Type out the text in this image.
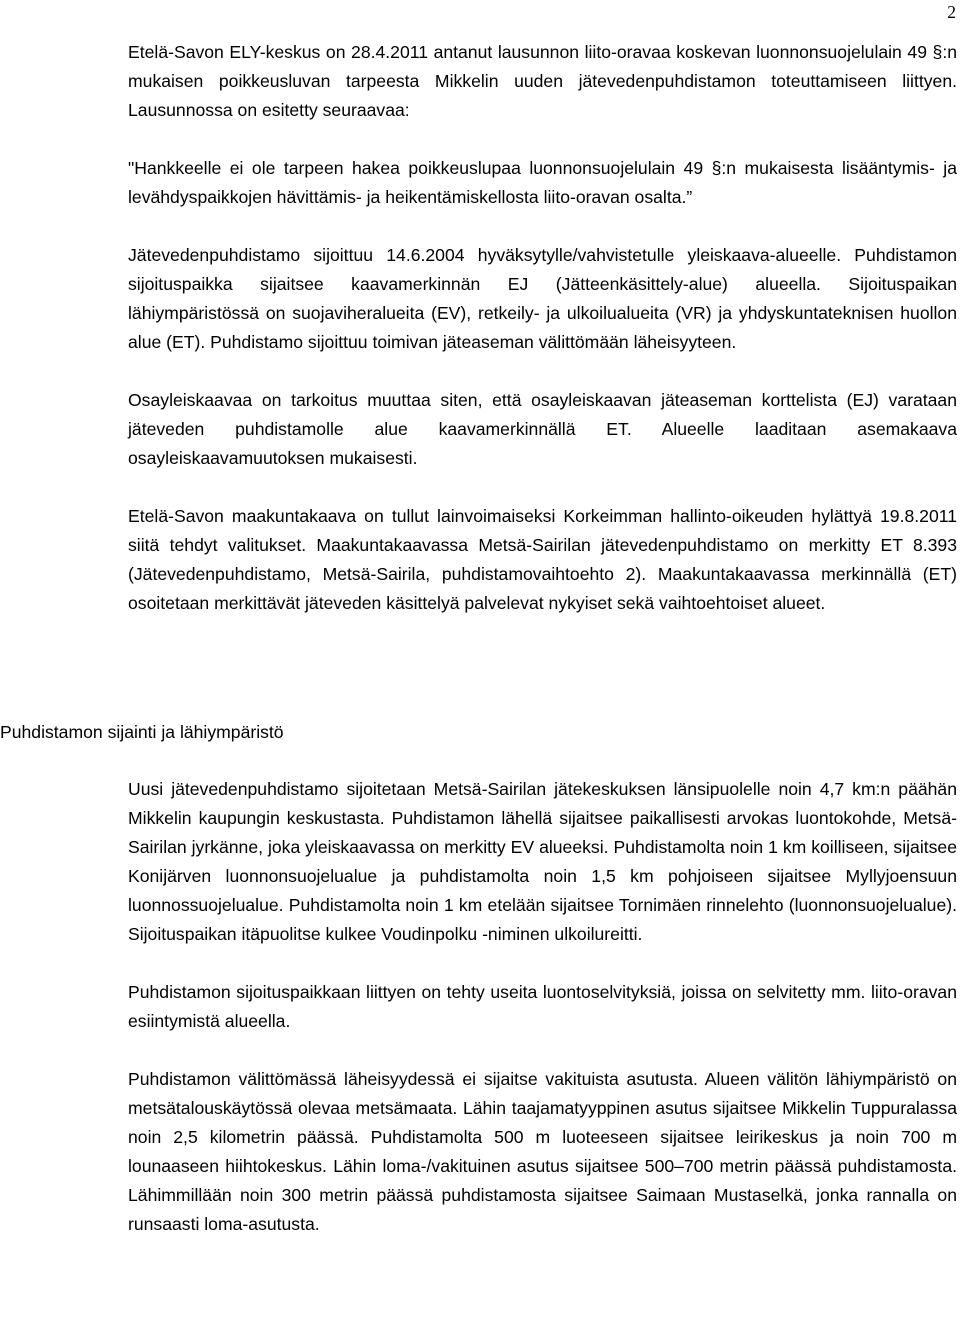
2

Etelä-Savon ELY-keskus on 28.4.2011 antanut lausunnon liito-oravaa koskevan luonnonsuojelulain 49 §:n mukaisen poikkeusluvan tarpeesta Mikkelin uuden jätevedenpuhdistamon toteuttamiseen liittyen. Lausunnossa on esitetty seuraavaa:

"Hankkeelle ei ole tarpeen hakea poikkeuslupaa luonnonsuojelulain 49 §:n mukaisesta lisääntymis- ja levähdyspaikkojen hävittämis- ja heikentämiskellosta liito-oravan osalta.”

Jätevedenpuhdistamo sijoittuu 14.6.2004 hyväksytylle/vahvistetulle yleiskaava-alueelle. Puhdistamon sijoituspaikka sijaitsee kaavamerkinnän EJ (Jätteenkäsittely-alue) alueella. Sijoituspaikan lähiympäristössä on suojaviheralueita (EV), retkeily- ja ulkoilualueita (VR) ja yhdyskuntateknisen huollon alue (ET). Puhdistamo sijoittuu toimivan jäteaseman välittömään läheisyyteen.

Osayleiskaavaa on tarkoitus muuttaa siten, että osayleiskaavan jäteaseman korttelista (EJ) varataan jäteveden puhdistamolle alue kaavamerkinnällä ET. Alueelle laaditaan asemakaava osayleiskaavamuutoksen mukaisesti.

Etelä-Savon maakuntakaava on tullut lainvoimaiseksi Korkeimman hallinto-oikeuden hylättyä 19.8.2011 siitä tehdyt valitukset. Maakuntakaavassa Metsä-Sairilan jätevedenpuhdistamo on merkitty ET 8.393 (Jätevedenpuhdistamo, Metsä-Sairila, puhdistamovaihtoehto 2). Maakuntakaavassa merkinnällä (ET) osoitetaan merkittävät jäteveden käsittelyä palvelevat nykyiset sekä vaihtoehtoiset alueet.

Puhdistamon sijainti ja lähiympäristö

Uusi jätevedenpuhdistamo sijoitetaan Metsä-Sairilan jätekeskuksen länsipuolelle noin 4,7 km:n päähän Mikkelin kaupungin keskustasta. Puhdistamon lähellä sijaitsee paikallisesti arvokas luontokohde, Metsä-Sairilan jyrkänne, joka yleiskaavassa on merkitty EV alueeksi. Puhdistamolta noin 1 km koilliseen, sijaitsee Konijärven luonnonsuojelualue ja puhdistamolta noin 1,5 km pohjoiseen sijaitsee Myllyjoensuun luonnossuojelualue. Puhdistamolta noin 1 km etelään sijaitsee Tornimäen rinnelehto (luonnonsuojelualue). Sijoituspaikan itäpuolitse kulkee Voudinpolku -niminen ulkoilureitti.

Puhdistamon sijoituspaikkaan liittyen on tehty useita luontoselvityksiä, joissa on selvitetty mm. liito-oravan esiintymistä alueella.

Puhdistamon välittömässä läheisyydessä ei sijaitse vakituista asutusta. Alueen välitön lähiympäristö on metsätalouskäytössä olevaa metsämaata. Lähin taajamatyyppinen asutus sijaitsee Mikkelin Tuppuralassa noin 2,5 kilometrin päässä. Puhdistamolta 500 m luoteeseen sijaitsee leirikeskus ja noin 700 m lounaaseen hiihtokeskus. Lähin loma-/vakituinen asutus sijaitsee 500–700 metrin päässä puhdistamosta. Lähimmillään noin 300 metrin päässä puhdistamosta sijaitsee Saimaan Mustaselkä, jonka rannalla on runsaasti loma-asutusta.
